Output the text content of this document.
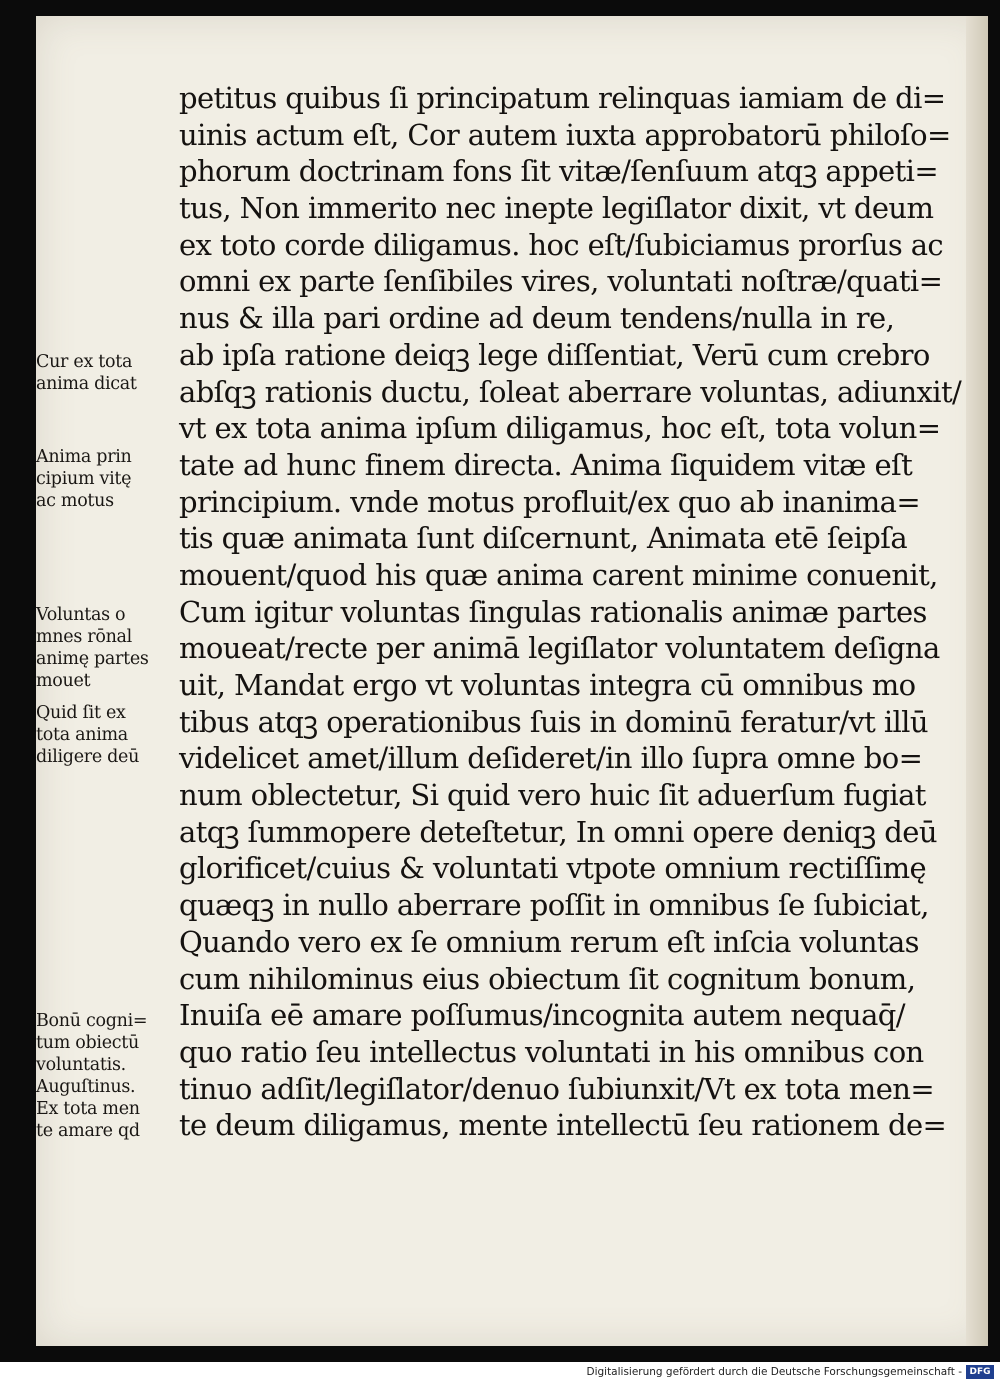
petitus quibus ſi principatum relinquas iamiam de di=
uinis actum eſt, Cor autem iuxta approbatorū philoſo=
phorum doctrinam fons ſit vitæ/ſenſuum atqꝫ appeti=
tus, Non immerito nec inepte legiſlator dixit, vt deum
ex toto corde diligamus. hoc eſt/ſubiciamus prorſus ac
omni ex parte ſenſibiles vires, voluntati noſtræ/quati=
nus & illa pari ordine ad deum tendens/nulla in re,
ab ipſa ratione deiqꝫ lege diſſentiat, Verū cum crebro
abſqꝫ rationis ductu, ſoleat aberrare voluntas, adiunxit/
vt ex tota anima ipſum diligamus, hoc eſt, tota volun=
tate ad hunc finem directa. Anima ſiquidem vitæ eſt
principium. vnde motus profluit/ex quo ab inanima=
tis quæ animata ſunt diſcernunt, Animata etē ſeipſa
mouent/quod his quæ anima carent minime conuenit,
Cum igitur voluntas ſingulas rationalis animæ partes
moueat/recte per animā legiſlator voluntatem deſigna
uit, Mandat ergo vt voluntas integra cū omnibus mo
tibus atqꝫ operationibus ſuis in dominū feratur/vt illū
videlicet amet/illum deſideret/in illo ſupra omne bo=
num oblectetur, Si quid vero huic ſit aduerſum fugiat
atqꝫ ſummopere deteſtetur, In omni opere deniqꝫ deū
glorificet/cuius & voluntati vtpote omnium rectiſſimę
quæqꝫ in nullo aberrare poſſit in omnibus ſe ſubiciat,
Quando vero ex ſe omnium rerum eſt inſcia voluntas
cum nihilominus eius obiectum ſit cognitum bonum,
Inuiſa eē amare poſſumus/incognita autem nequaq̄/
quo ratio ſeu intellectus voluntati in his omnibus con
tinuo adſit/legiſlator/denuo ſubiunxit/Vt ex tota men=
te deum diligamus, mente intellectū ſeu rationem de=
Cur ex tota
anima dicat
Anima prin
cipium vitę
ac motus
Voluntas o
mnes rōnal
animę partes
mouet
Quid ſit ex
tota anima
diligere deū
Bonū cogni=
tum obiectū
voluntatis.
Auguſtinus.
Ex tota men
te amare qd
Digitalisierung gefördert durch die Deutsche Forschungsgemeinschaft - DFG
